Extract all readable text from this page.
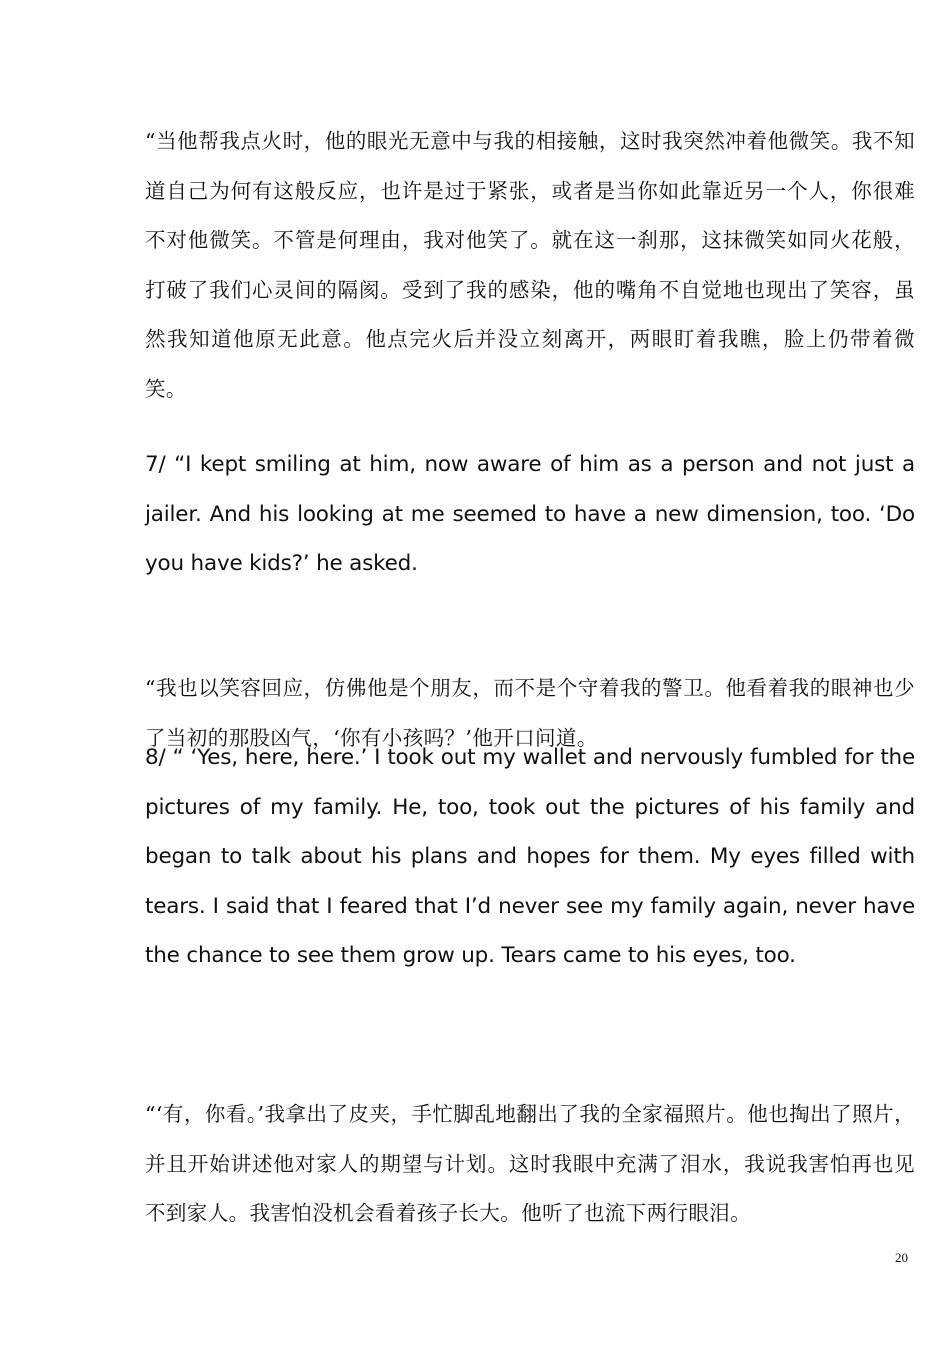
“当他帮我点火时，他的眼光无意中与我的相接触，这时我突然冲着他微笑。我不知道自己为何有这般反应，也许是过于紧张，或者是当你如此靠近另一个人，你很难不对他微笑。不管是何理由，我对他笑了。就在这一刹那，这抹微笑如同火花般，打破了我们心灵间的隔阂。受到了我的感染，他的嘴角不自觉地也现出了笑容，虽然我知道他原无此意。他点完火后并没立刻离开，两眼盯着我瞧，脸上仍带着微笑。

7/ “I kept smiling at him, now aware of him as a person and not just a jailer. And his looking at me seemed to have a new dimension, too. ‘Do you have kids?’ he asked.

“我也以笑容回应，仿佛他是个朋友，而不是个守着我的警卫。他看着我的眼神也少了当初的那股凶气，‘你有小孩吗？’他开口问道。

8/ “ ‘Yes, here, here.’ I took out my wallet and nervously fumbled for the pictures of my family. He, too, took out the pictures of his family and began to talk about his plans and hopes for them. My eyes filled with tears. I said that I feared that I’d never see my family again, never have the chance to see them grow up. Tears came to his eyes, too.

“‘有，你看。’我拿出了皮夹，手忙脚乱地翻出了我的全家福照片。他也掏出了照片，并且开始讲述他对家人的期望与计划。这时我眼中充满了泪水，我说我害怕再也见不到家人。我害怕没机会看着孩子长大。他听了也流下两行眼泪。

20
